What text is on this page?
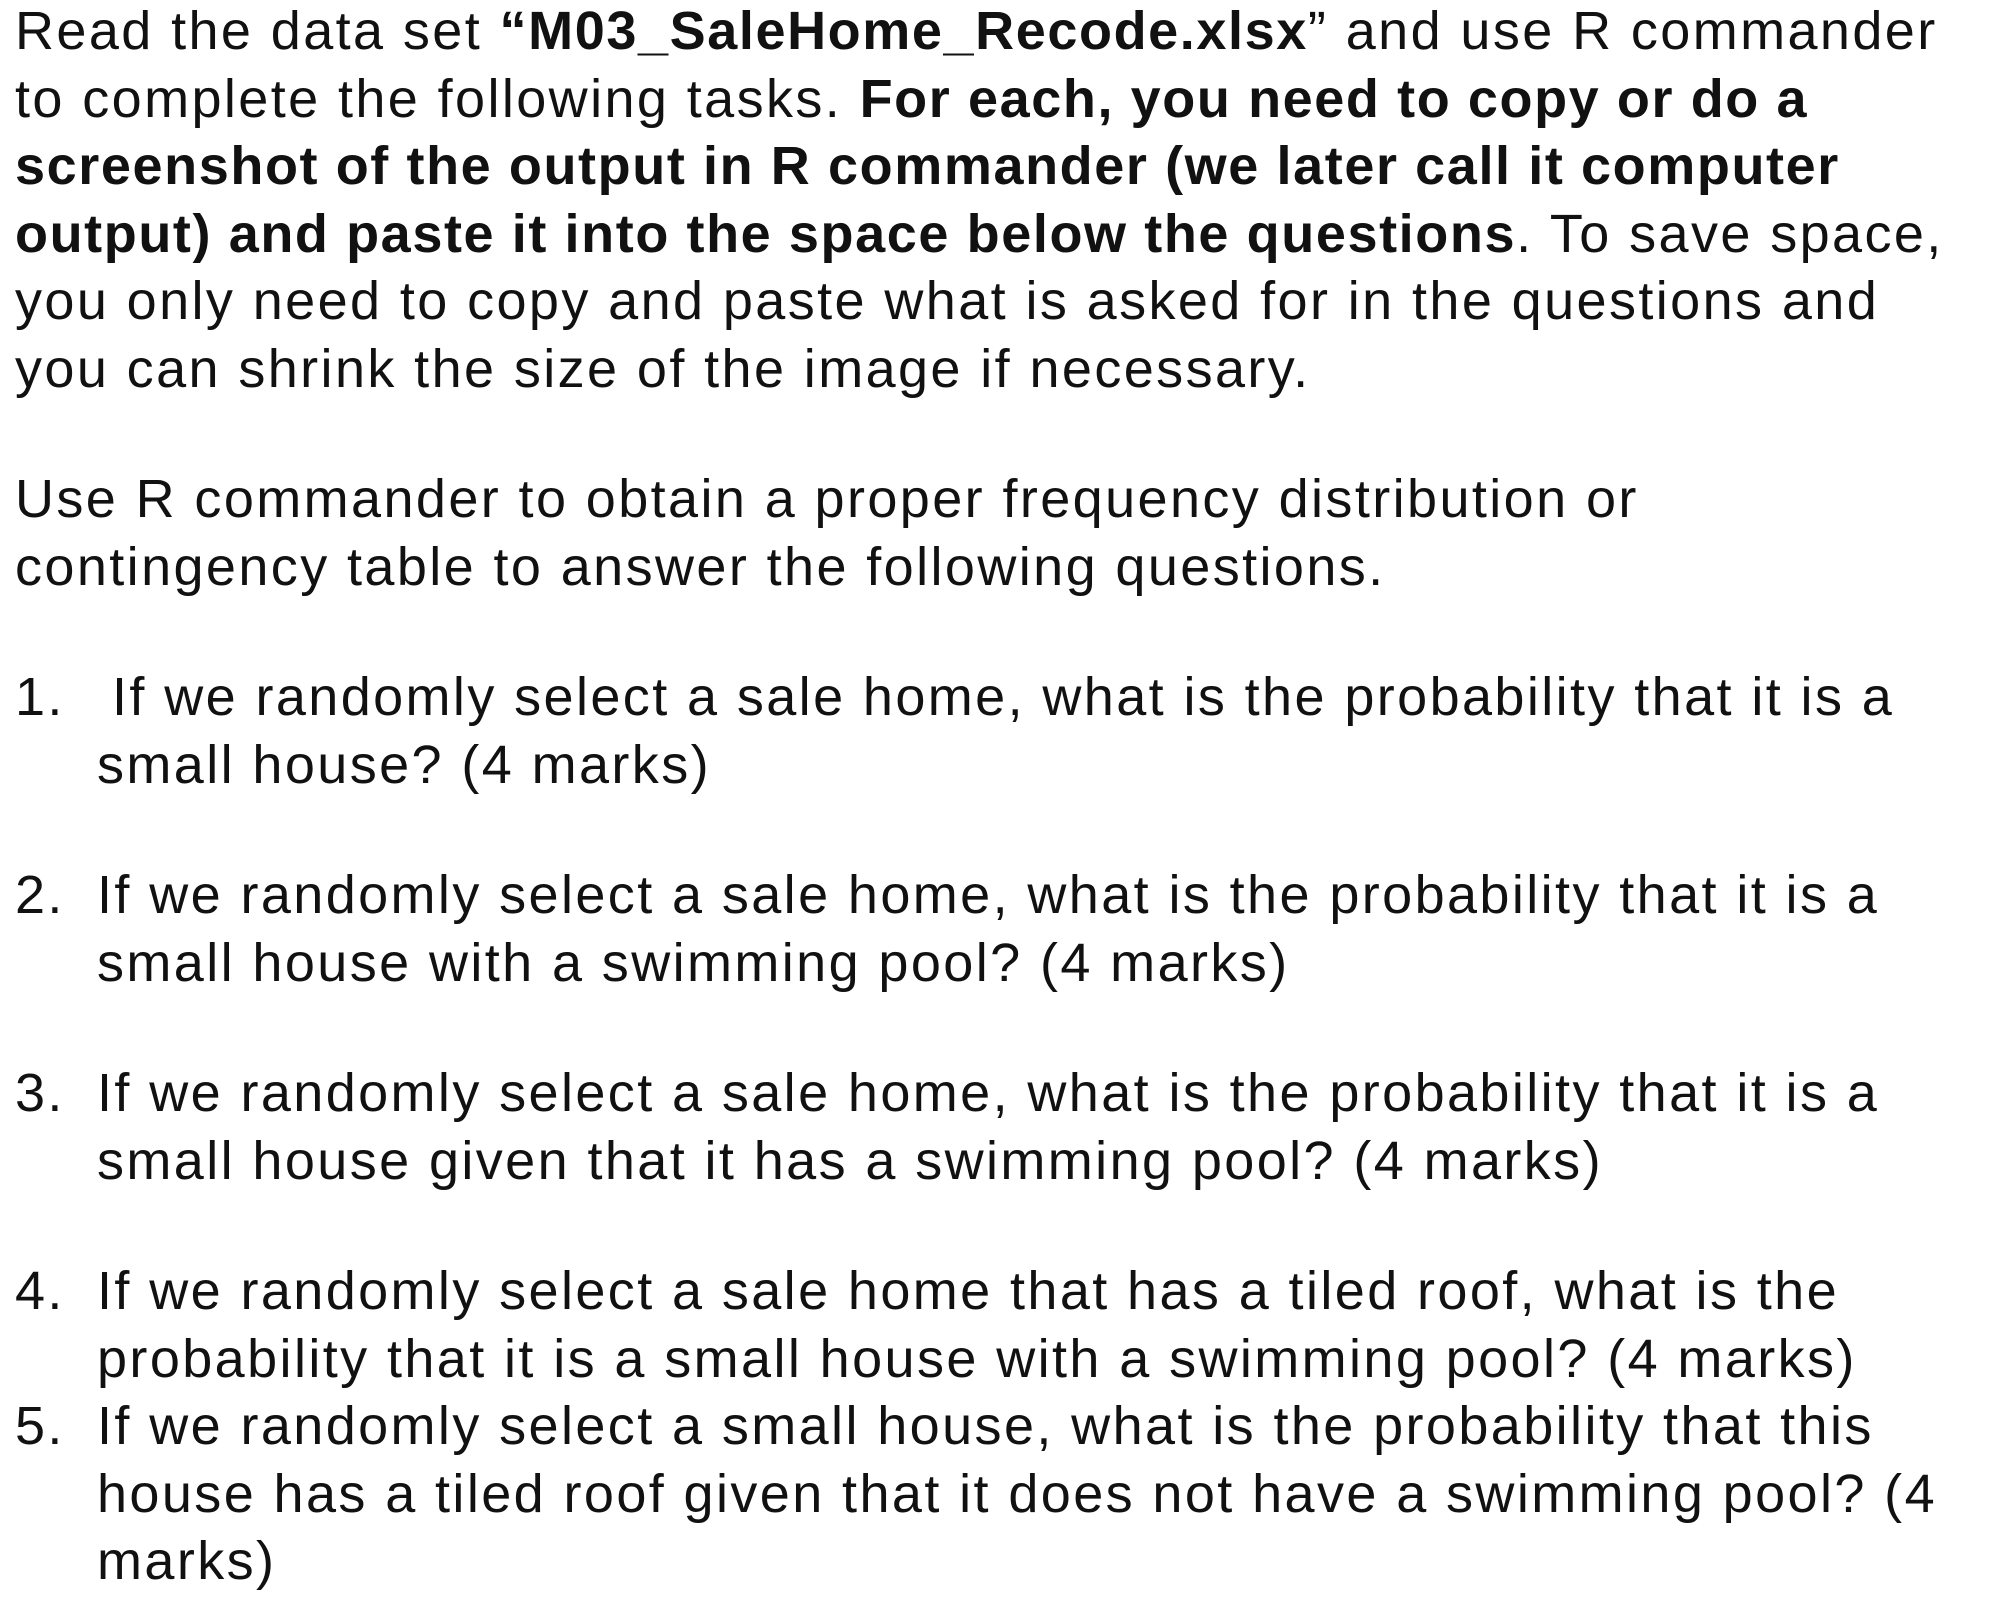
Read the data set “M03_SaleHome_Recode.xlsx” and use R commander
to complete the following tasks. For each, you need to copy or do a
screenshot of the output in R commander (we later call it computer
output) and paste it into the space below the questions. To save space,
you only need to copy and paste what is asked for in the questions and
you can shrink the size of the image if necessary.
Use R commander to obtain a proper frequency distribution or
contingency table to answer the following questions.
1. If we randomly select a sale home, what is the probability that it is a
small house? (4 marks)
2. If we randomly select a sale home, what is the probability that it is a
small house with a swimming pool? (4 marks)
3. If we randomly select a sale home, what is the probability that it is a
small house given that it has a swimming pool? (4 marks)
4. If we randomly select a sale home that has a tiled roof, what is the
probability that it is a small house with a swimming pool? (4 marks)
5. If we randomly select a small house, what is the probability that this
house has a tiled roof given that it does not have a swimming pool? (4
marks)
